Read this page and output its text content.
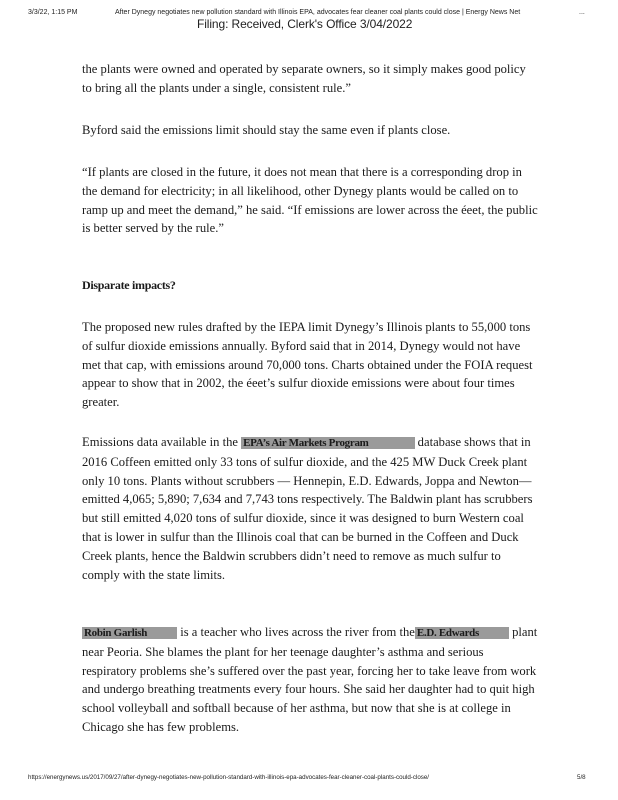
3/3/22, 1:15 PM	After Dynegy negotiates new pollution standard with Illinois EPA, advocates fear cleaner coal plants could close | Energy News Net	...
Filing: Received, Clerk's Office 3/04/2022

the plants were owned and operated by separate owners, so it simply makes good policy to bring all the plants under a single, consistent rule.”

Byford said the emissions limit should stay the same even if plants close.

“If plants are closed in the future, it does not mean that there is a corresponding drop in the demand for electricity; in all likelihood, other Dynegy plants would be called on to ramp up and meet the demand,” he said. “If emissions are lower across the éeet, the public is better served by the rule.”

Disparate impacts?

The proposed new rules drafted by the IEPA limit Dynegy’s Illinois plants to 55,000 tons of sulfur dioxide emissions annually. Byford said that in 2014, Dynegy would not have met that cap, with emissions around 70,000 tons. Charts obtained under the FOIA request appear to show that in 2002, the éeet’s sulfur dioxide emissions were about four times greater.

Emissions data available in the EPA’s Air Markets Program	database shows that in 2016 Coffeen emitted only 33 tons of sulfur dioxide, and the 425 MW Duck Creek plant only 10 tons. Plants without scrubbers — Hennepin, E.D. Edwards, Joppa and Newton— emitted 4,065; 5,890; 7,634 and 7,743 tons respectively. The Baldwin plant has scrubbers but still emitted 4,020 tons of sulfur dioxide, since it was designed to burn Western coal that is lower in sulfur than the Illinois coal that can be burned in the Coffeen and Duck Creek plants, hence the Baldwin scrubbers didn’t need to remove as much sulfur to comply with the state limits.

Robin Garlish is a teacher who lives across the river from the E.D. Edwards plant near Peoria. She blames the plant for her teenage daughter’s asthma and serious respiratory problems she’s suffered over the past year, forcing her to take leave from work and undergo breathing treatments every four hours. She said her daughter had to quit high school volleyball and softball because of her asthma, but now that she is at college in Chicago she has few problems.

https://energynews.us/2017/09/27/after-dynegy-negotiates-new-pollution-standard-with-illinois-epa-advocates-fear-cleaner-coal-plants-could-close/	5/8
